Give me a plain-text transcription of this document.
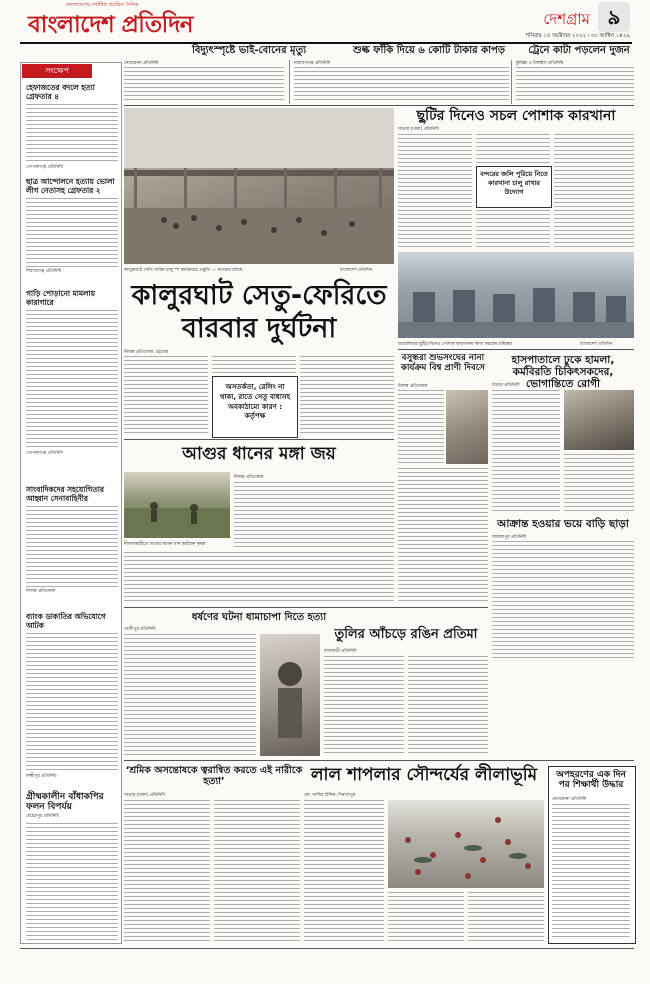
বাংলাদেশের সর্বাধিক প্রচারিত দৈনিক
বাংলাদেশ প্রতিদিন	দেশগ্রাম ৯
শনিবার ১৫ অক্টোবর ২০২২ ৷ ৩০ আশ্বিন ১৪২৯
বিদ্যুৎস্পৃষ্টে ভাই-বোনের মৃত্যু	শুল্ক ফাঁকি দিয়ে ৬ কোটি টাকার কাপড়	ট্রেনে কাটা পড়লেন দুজন
নেত্রকোনা প্রতিনিধি	নারায়ণগঞ্জ প্রতিনিধি	কুমিল্লা ও টাঙ্গাইল প্রতিনিধি
সংক্ষেপ
হেফাজতের বদলে হত্যা গ্রেফতার ৪
গোপালগঞ্জ প্রতিনিধি
ছাত্র আন্দোলনে হত্যায় ভোলা লীগ নেতাসহ গ্রেফতার ২
সিরাজগঞ্জ প্রতিনিধি
গাড়ি পোড়ানো মামলায় কারাগারে
গোপালগঞ্জ প্রতিনিধি
সাংবাদিকদের সহযোগিতার আহ্বান সেনাবাহিনীর
নিজস্ব প্রতিবেদক
ব্যাংক ডাকাতির অভিযোগে আটক
লক্ষ্মীপুর প্রতিনিধি
গ্রীষ্মকালীন বাঁধাকপির ফলন বিপর্যয়
মেহেরপুর প্রতিনিধি
কালুরঘাটে সেতি সারিন চালু স্প কার্যক্রমের প্রস্তুতি — যাওয়ার চলছে	বাংলাদেশ প্রতিদিন
কালুরঘাট সেতু-ফেরিতে বারবার দুর্ঘটনা
নিজস্ব প্রতিবেদক, চট্টগ্রাম
অসতর্কতা, রেলিং না থাকা, রাতে সেতু বাধাসহ অবকাঠামো কারণ : কর্তৃপক্ষ
ছুটির দিনেও সচল পোশাক কারখানা
সাভার (ঢাকা) প্রতিনিধি
বন্দরের জলি পুরিয়ে নিতে কারখানা চালু রাখার উদ্যোগ
আশুলিয়ার ছুটির দিনেও পোশাক কারখানায় কাজ করছেন শ্রমিকরা	বাংলাদেশ প্রতিদিন
আগুর ধানের মঙ্গা জয়
নীলফামারীতে আগুর আমন ধান কাটছেন কৃষক
নিজস্ব প্রতিবেদক
বসুন্ধরা শুভসংঘের নানা কার্যক্রম বিশ্ব প্রাণী দিবসে
নিজস্ব প্রতিবেদক
হাসপাতালে ঢুকে হামলা, কর্মবিরতি চিকিৎসকদের, ভোগান্তিতে রোগী
বগুড়া প্রতিনিধি
আক্রান্ত হওয়ার ভয়ে বাড়ি ছাড়া
জামালপুর প্রতিনিধি
ধর্ষণের ঘটনা ধামাচাপা দিতে হত্যা
গাজীপুর প্রতিনিধি	তুলির আঁচড়ে রঙিন প্রতিমা
রাজবাড়ী প্রতিনিধি
‘শ্রমিক অসন্তোষকে ত্বরান্বিত করতে এই নারীকে হত্যা’
সাভার (ঢাকা) প্রতিনিধি
লাল শাপলার সৌন্দর্যের লীলাভূমি
মো. আমির উদ্দিন, দিনাজপুর
অপহরণের এক দিন পর শিক্ষার্থী উদ্ধার
নেত্রকোনা প্রতিনিধি
